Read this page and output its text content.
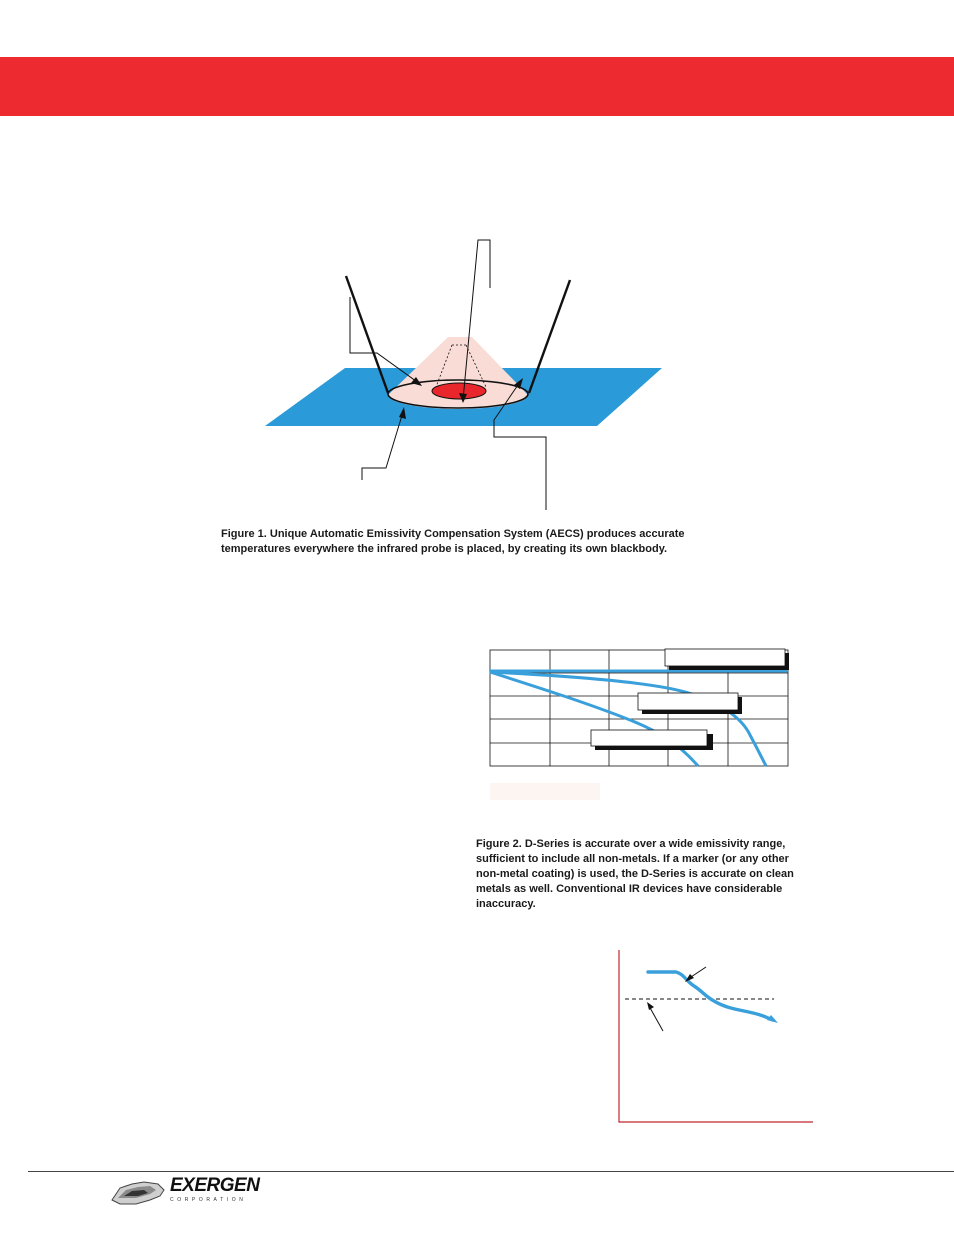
Figure 1. Unique Automatic Emissivity Compensation System (AECS) produces accurate temperatures everywhere the infrared probe is placed, by creating its own blackbody.

Figure 2. D-Series is accurate over a wide emissivity range, sufficient to include all non-metals. If a marker (or any other non-metal coating) is used, the D-Series is accurate on clean metals as well. Conventional IR devices have considerable inaccuracy.

EXERGEN
CORPORATION
